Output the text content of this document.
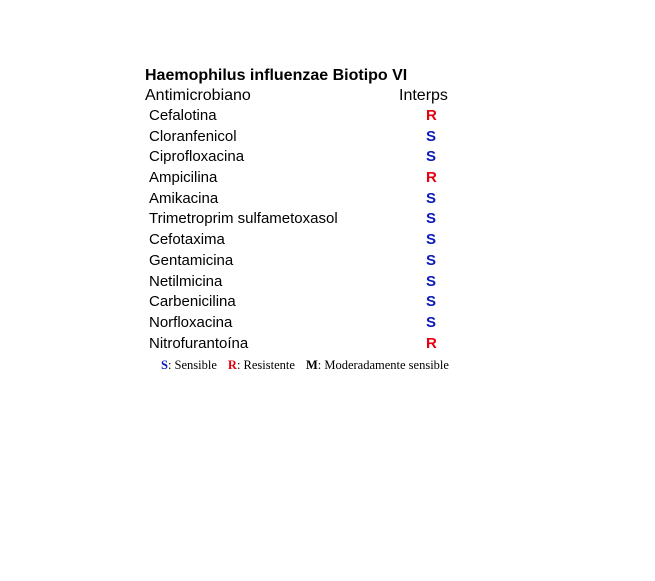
Haemophilus influenzae Biotipo VI
Antimicrobiano	Interps
Cefalotina	R
Cloranfenicol	S
Ciprofloxacina	S
Ampicilina	R
Amikacina	S
Trimetroprim sulfametoxasol	S
Cefotaxima	S
Gentamicina	S
Netilmicina	S
Carbenicilina	S
Norfloxacina	S
Nitrofurantoína	R
S: Sensible R: Resistente M: Moderadamente sensible
